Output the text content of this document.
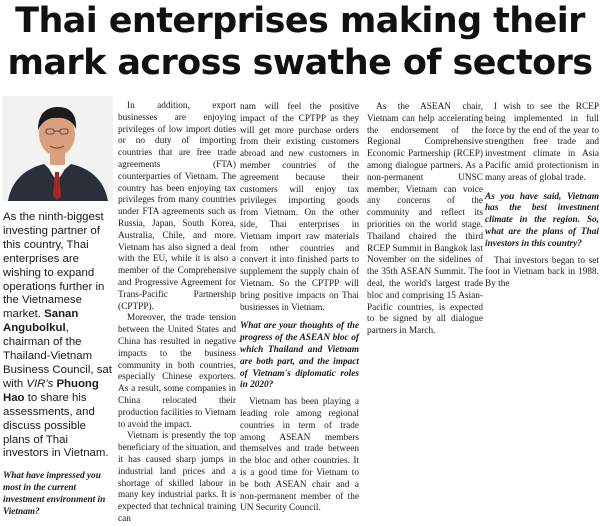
Thai enterprises making their
mark across swathe of sectors

As the ninth-biggest investing partner of this country, Thai enterprises are wishing to expand operations further in the Vietnamese market. Sanan Angubolkul, chairman of the Thailand-Vietnam Business Council, sat with VIR's Phuong Hao to share his assessments, and discuss possible plans of Thai investors in Vietnam.

What have impressed you most in the current investment environment in Vietnam?

In addition, export businesses are enjoying privileges of low import duties or no duty of importing countries that are free trade agreements (FTA) counterparties of Vietnam. The country has been enjoying tax privileges from many countries under FTA agreements such as Russia, Japan, South Korea, Australia, Chile, and more. Vietnam has also signed a deal with the EU, while it is also a member of the Comprehensive and Progressive Agreement for Trans-Pacific Partnership (CPTPP).

Moreover, the trade tension between the United States and China has resulted in negative impacts to the business community in both countries, especially Chinese exporters. As a result, some companies in China relocated their production facilities to Vietnam to avoid the impact.

Vietnam is presently the top beneficiary of the situation, and it has caused sharp jumps in industrial land prices and a shortage of skilled labour in many key industrial parks. It is expected that technical training can

nam will feel the positive impact of the CPTPP as they will get more purchase orders from their existing customers abroad and new customers in member countries of the agreement because their customers will enjoy tax privileges importing goods from Vietnam. On the other side, Thai enterprises in Vietnam import raw materials from other countries and convert it into finished parts to supplement the supply chain of Vietnam. So the CPTPP will bring positive impacts on Thai businesses in Vietnam.

What are your thoughts of the progress of the ASEAN bloc of which Thailand and Vietnam are both part, and the impact of Vietnam's diplomatic roles in 2020?

Vietnam has been playing a leading role among regional countries in term of trade among ASEAN members themselves and trade between the bloc and other countries. It is a good time for Vietnam to be both ASEAN chair and a non-permanent member of the UN Security Council.

As the ASEAN chair, Vietnam can help accelerating the endorsement of the Regional Comprehensive Economic Partnership (RCEP) among dialogue partners. As a non-permanent UNSC member, Vietnam can voice any concerns of the community and reflect its priorities on the world stage. Thailand chaired the third RCEP Summit in Bangkok last November on the sidelines of the 35th ASEAN Summit. The deal, the world's largest trade bloc and comprising 15 Asian-Pacific countries, is expected to be signed by all dialogue partners in March.

I wish to see the RCEP being implemented in full force by the end of the year to strengthen free trade and investment climate in Asia Pacific amid protectionism in many areas of global trade.

As you have said, Vietnam has the best investment climate in the region. So, what are the plans of Thai investors in this country?

Thai investors began to set foot in Vietnam back in 1988. By the
